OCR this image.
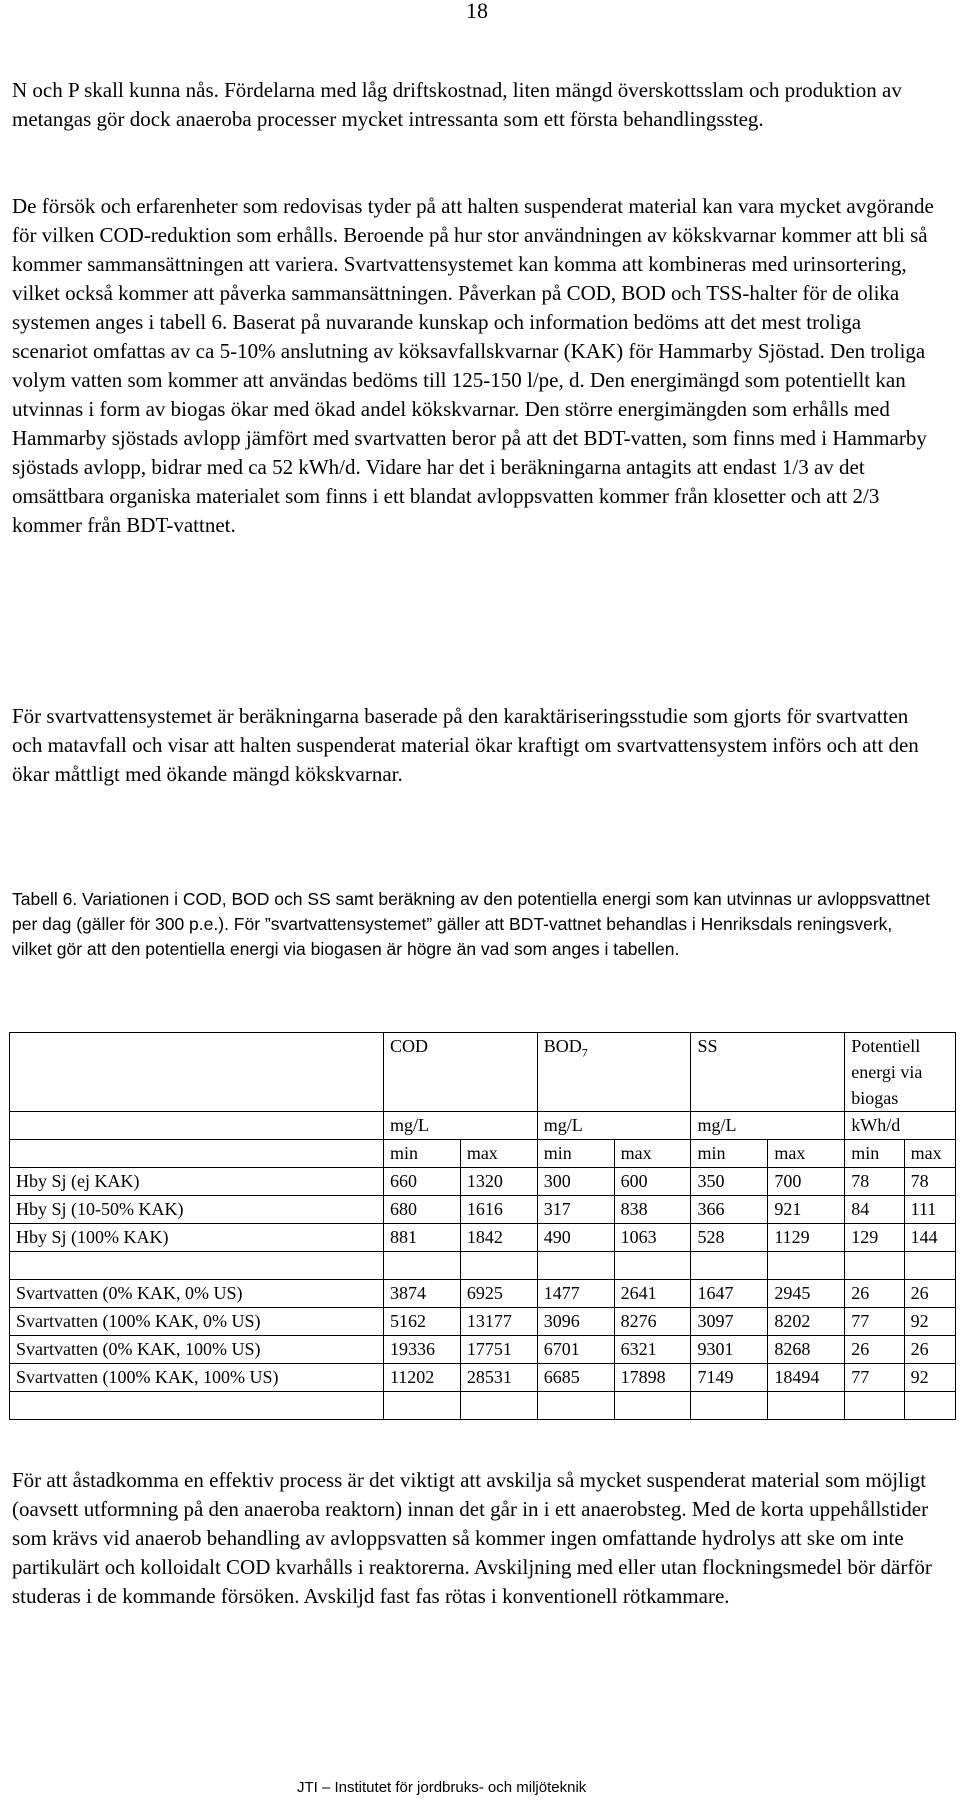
18

N och P skall kunna nås. Fördelarna med låg driftskostnad, liten mängd överskottsslam och produktion av metangas gör dock anaeroba processer mycket intressanta som ett första behandlingssteg.

De försök och erfarenheter som redovisas tyder på att halten suspenderat material kan vara mycket avgörande för vilken COD-reduktion som erhålls. Beroende på hur stor användningen av kökskvarnar kommer att bli så kommer sammansättningen att variera. Svartvattensystemet kan komma att kombineras med urinsortering, vilket också kommer att påverka sammansättningen. Påverkan på COD, BOD och TSS-halter för de olika systemen anges i tabell 6. Baserat på nuvarande kunskap och information bedöms att det mest troliga scenariot omfattas av ca 5-10% anslutning av köksavfallskvarnar (KAK) för Hammarby Sjöstad. Den troliga volym vatten som kommer att användas bedöms till 125-150 l/pe, d. Den energimängd som potentiellt kan utvinnas i form av biogas ökar med ökad andel kökskvarnar. Den större energimängden som erhålls med Hammarby sjöstads avlopp jämfört med svartvatten beror på att det BDT-vatten, som finns med i Hammarby sjöstads avlopp, bidrar med ca 52 kWh/d. Vidare har det i beräkningarna antagits att endast 1/3 av det omsättbara organiska materialet som finns i ett blandat avloppsvatten kommer från klosetter och att 2/3 kommer från BDT-vattnet.

För svartvattensystemet är beräkningarna baserade på den karaktäriseringsstudie som gjorts för svartvatten och matavfall och visar att halten suspenderat material ökar kraftigt om svartvattensystem införs och att den ökar måttligt med ökande mängd kökskvarnar.

Tabell 6. Variationen i COD, BOD och SS samt beräkning av den potentiella energi som kan utvinnas ur avloppsvattnet per dag (gäller för 300 p.e.). För ”svartvattensystemet” gäller att BDT-vattnet behandlas i Henriksdals reningsverk, vilket gör att den potentiella energi via biogasen är högre än vad som anges i tabellen.

	COD		$BOD_7$		SS		Potentiell energi via biogas	
	mg/L		mg/L		mg/L		kWh/d	
	min	max	min	max	min	max	min	max
Hby Sj (ej KAK)	660	1320	300	600	350	700	78	78
Hby Sj (10-50% KAK)	680	1616	317	838	366	921	84	111
Hby Sj (100% KAK)	881	1842	490	1063	528	1129	129	144

Svartvatten (0% KAK, 0% US)	3874	6925	1477	2641	1647	2945	26	26
Svartvatten (100% KAK, 0% US)	5162	13177	3096	8276	3097	8202	77	92
Svartvatten (0% KAK, 100% US)	19336	17751	6701	6321	9301	8268	26	26
Svartvatten (100% KAK, 100% US)	11202	28531	6685	17898	7149	18494	77	92

För att åstadkomma en effektiv process är det viktigt att avskilja så mycket suspenderat material som möjligt (oavsett utformning på den anaeroba reaktorn) innan det går in i ett anaerobsteg. Med de korta uppehållstider som krävs vid anaerob behandling av avloppsvatten så kommer ingen omfattande hydrolys att ske om inte partikulärt och kolloidalt COD kvarhålls i reaktorerna. Avskiljning med eller utan flockningsmedel bör därför studeras i de kommande försöken. Avskiljd fast fas rötas i konventionell rötkammare.

JTI – Institutet för jordbruks- och miljöteknik
